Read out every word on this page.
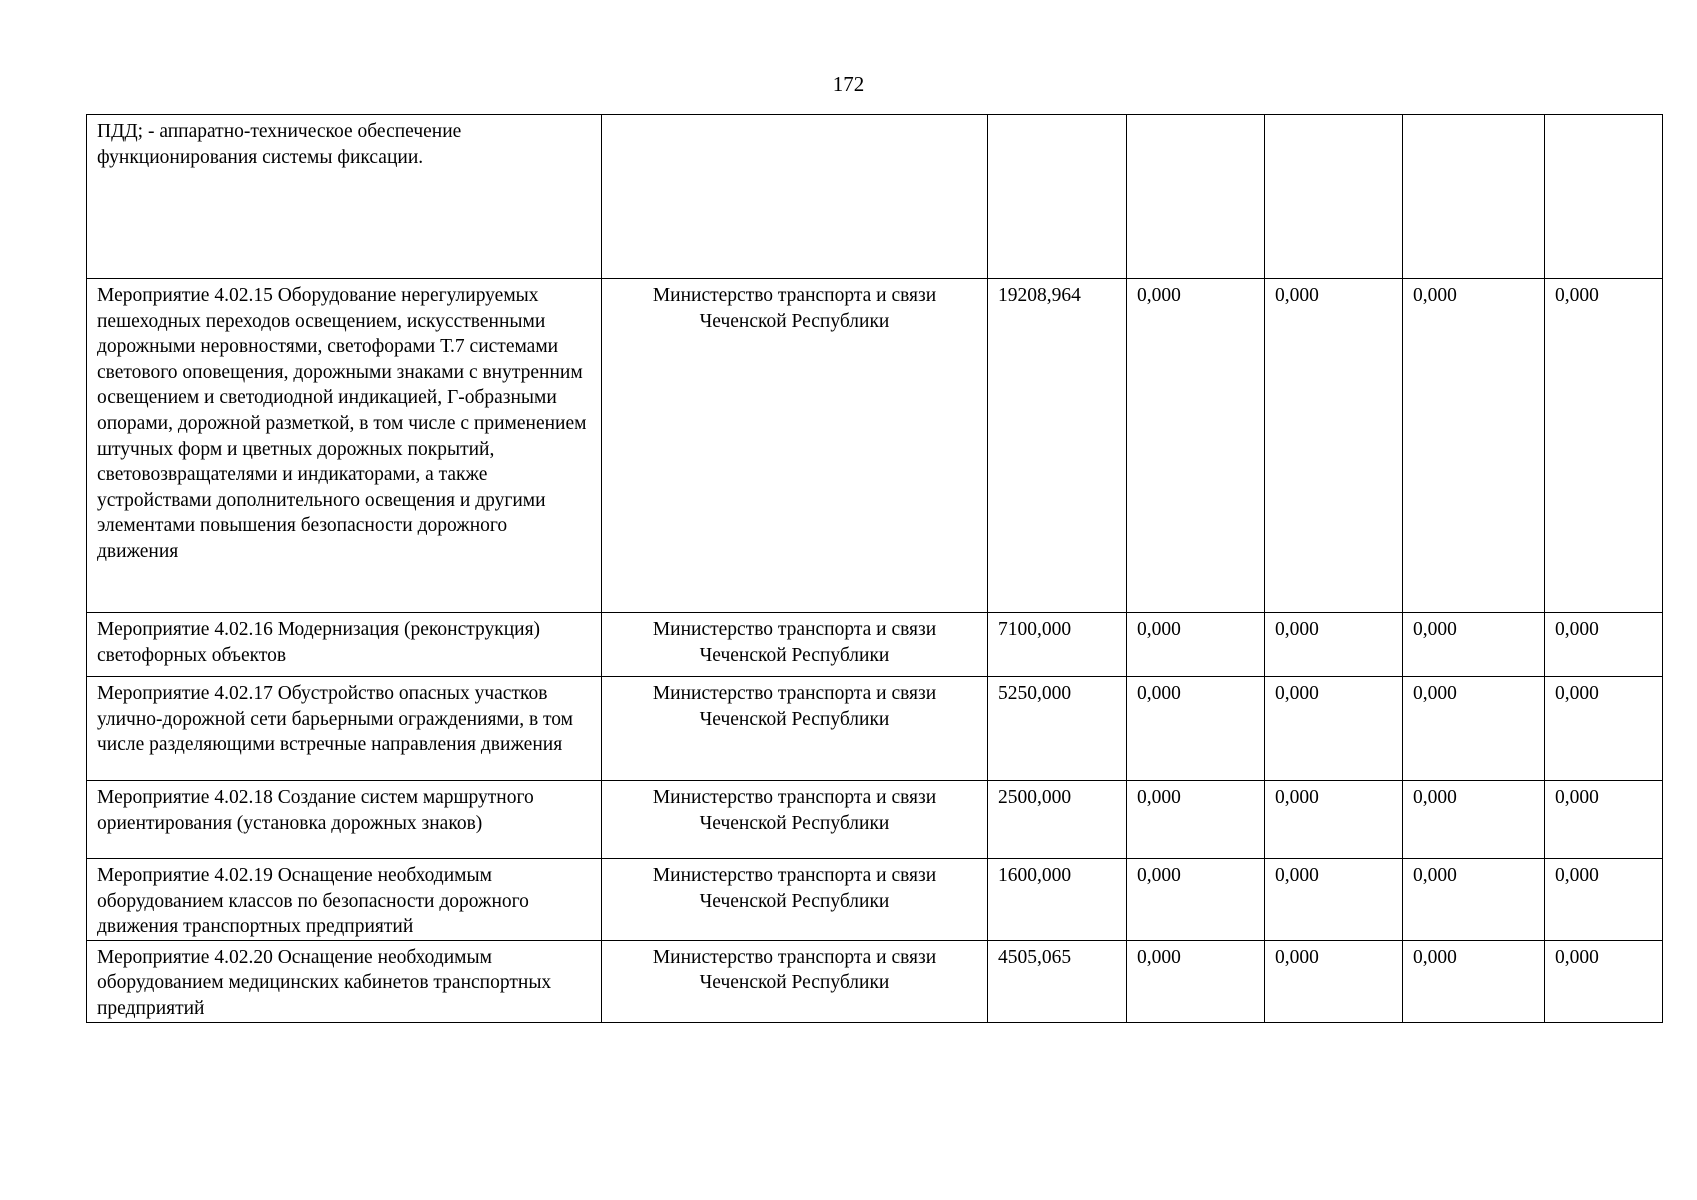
172
ПДД; - аппаратно-техническое обеспечение функционирования системы фиксации.						
Мероприятие 4.02.15 Оборудование нерегулируемых пешеходных переходов освещением, искусственными дорожными неровностями, светофорами Т.7 системами светового оповещения, дорожными знаками с внутренним освещением и светодиодной индикацией, Г-образными опорами, дорожной разметкой, в том числе с применением штучных форм и цветных дорожных покрытий, световозвращателями и индикаторами, а также устройствами дополнительного освещения и другими элементами повышения безопасности дорожного движения	Министерство транспорта и связи Чеченской Республики	19208,964	0,000	0,000	0,000	0,000
Мероприятие 4.02.16 Модернизация (реконструкция) светофорных объектов	Министерство транспорта и связи Чеченской Республики	7100,000	0,000	0,000	0,000	0,000
Мероприятие 4.02.17 Обустройство опасных участков улично-дорожной сети барьерными ограждениями, в том числе разделяющими встречные направления движения	Министерство транспорта и связи Чеченской Республики	5250,000	0,000	0,000	0,000	0,000
Мероприятие 4.02.18 Создание систем маршрутного ориентирования (установка дорожных знаков)	Министерство транспорта и связи Чеченской Республики	2500,000	0,000	0,000	0,000	0,000
Мероприятие 4.02.19 Оснащение необходимым оборудованием классов по безопасности дорожного движения транспортных предприятий	Министерство транспорта и связи Чеченской Республики	1600,000	0,000	0,000	0,000	0,000
Мероприятие 4.02.20 Оснащение необходимым оборудованием медицинских кабинетов транспортных предприятий	Министерство транспорта и связи Чеченской Республики	4505,065	0,000	0,000	0,000	0,000
